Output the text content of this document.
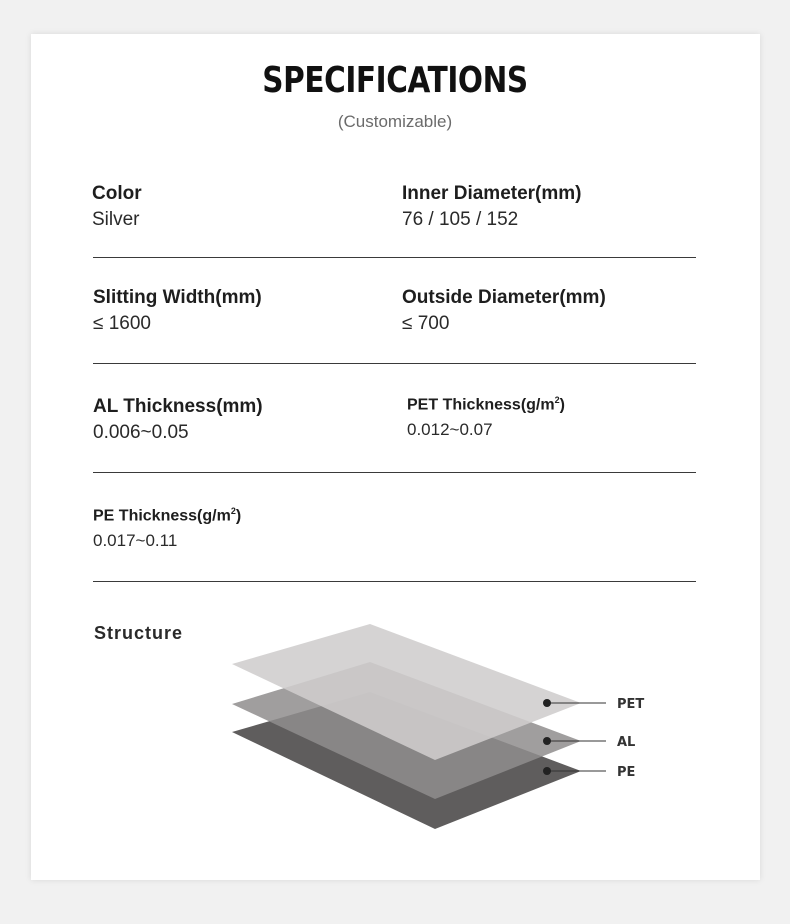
SPECIFICATIONS
(Customizable)
Color
Silver
Inner Diameter(mm)
76 / 105 / 152
Slitting Width(mm)
≤ 1600
Outside Diameter(mm)
≤ 700
AL Thickness(mm)
0.006~0.05
PET $Thickness(g/m^2)$
0.012~0.07
PE $Thickness(g/m^2)$
0.017~0.11
Structure
PET
AL
PE
